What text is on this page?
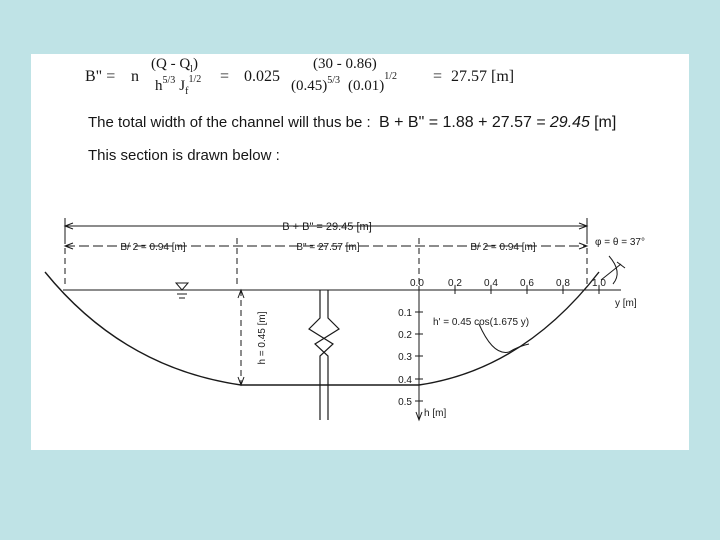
B" = n
$(Q - Q_l)$
$h^{5/3}$ $J_f^{1/2} = 0.025$
(30 - 0.86)
$(0.45)^{5/3}$ $(0.01)^{1/2} = 27.57$ [m]
The total width of the channel will thus be : B + B" = 1.88 + 27.57 = 29.45 [m]
This section is drawn below :
B + B" = 29.45 [m]
B/ 2 = 0.94 [m]	B" = 27.57 [m]	B/ 2 = 0.94 [m]	φ = θ = 37°
h = 0.45 [m]
0.0 0.2 0.4 0.6 0.8 1.0
y [m]
0.1
0.2
0.3
0.4
0.5
h [m]
h' = 0.45 cos(1.675 y)
